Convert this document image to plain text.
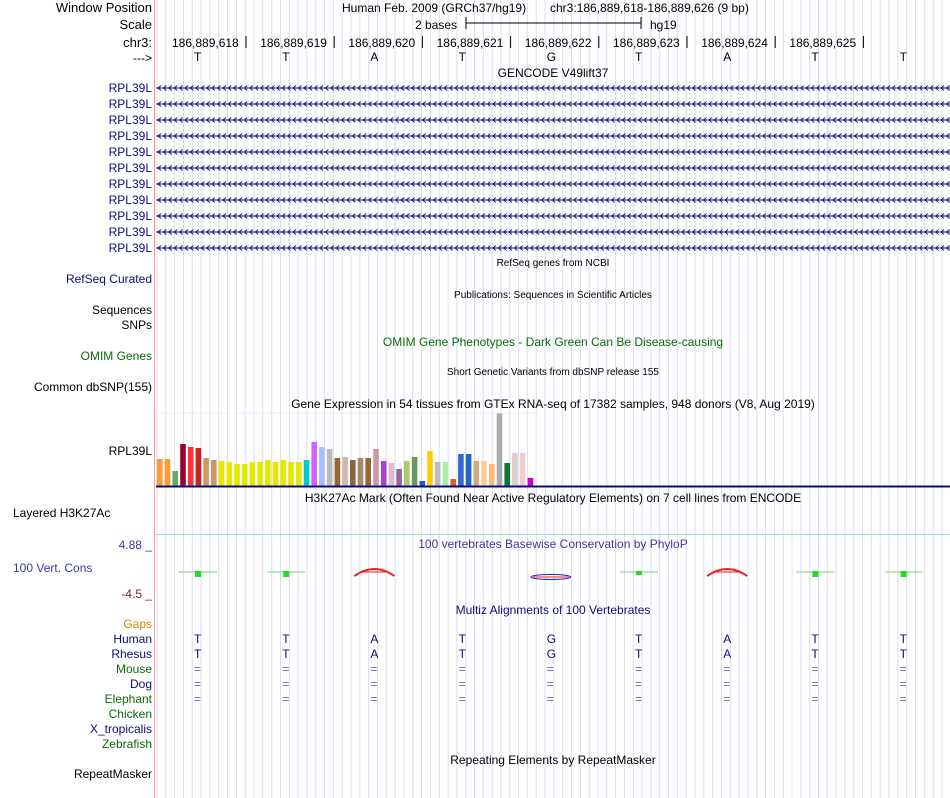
Window Position	Human Feb. 2009 (GRCh37/hg19) chr3:186,889,618-186,889,626 (9 bp)
Scale	2 bases	hg19
chr3: 186,889,618 186,889,619 186,889,620 186,889,621 186,889,622 186,889,623 186,889,624 186,889,625
--->	T	T	A	T	G	T	A	T	T
GENCODE V49lift37
RPL39L
RPL39L
RPL39L
RPL39L
RPL39L
RPL39L
RPL39L
RPL39L
RPL39L
RPL39L
RPL39L
RefSeq genes from NCBI
RefSeq Curated
Publications: Sequences in Scientific Articles
Sequences
SNPs
OMIM Gene Phenotypes - Dark Green Can Be Disease-causing
OMIM Genes
Short Genetic Variants from dbSNP release 155
Common dbSNP(155)
Gene Expression in 54 tissues from GTEx RNA-seq of 17382 samples, 948 donors (V8, Aug 2019)
RPL39L
H3K27Ac Mark (Often Found Near Active Regulatory Elements) on 7 cell lines from ENCODE
Layered H3K27Ac
100 vertebrates Basewise Conservation by PhyloP
4.88 _
100 Vert. Cons
-4.5 _
Multiz Alignments of 100 Vertebrates
Gaps
Human	T	T	A	T	G	T	A	T	T
Rhesus	T	T	A	T	G	T	A	T	T
Mouse	=	=	=	=	=	=	=	=	=
Dog	=	=	=	=	=	=	=	=	=
Elephant	=	=	=	=	=	=	=	=	=
Chicken
X_tropicalis
Zebrafish
Repeating Elements by RepeatMasker
RepeatMasker
